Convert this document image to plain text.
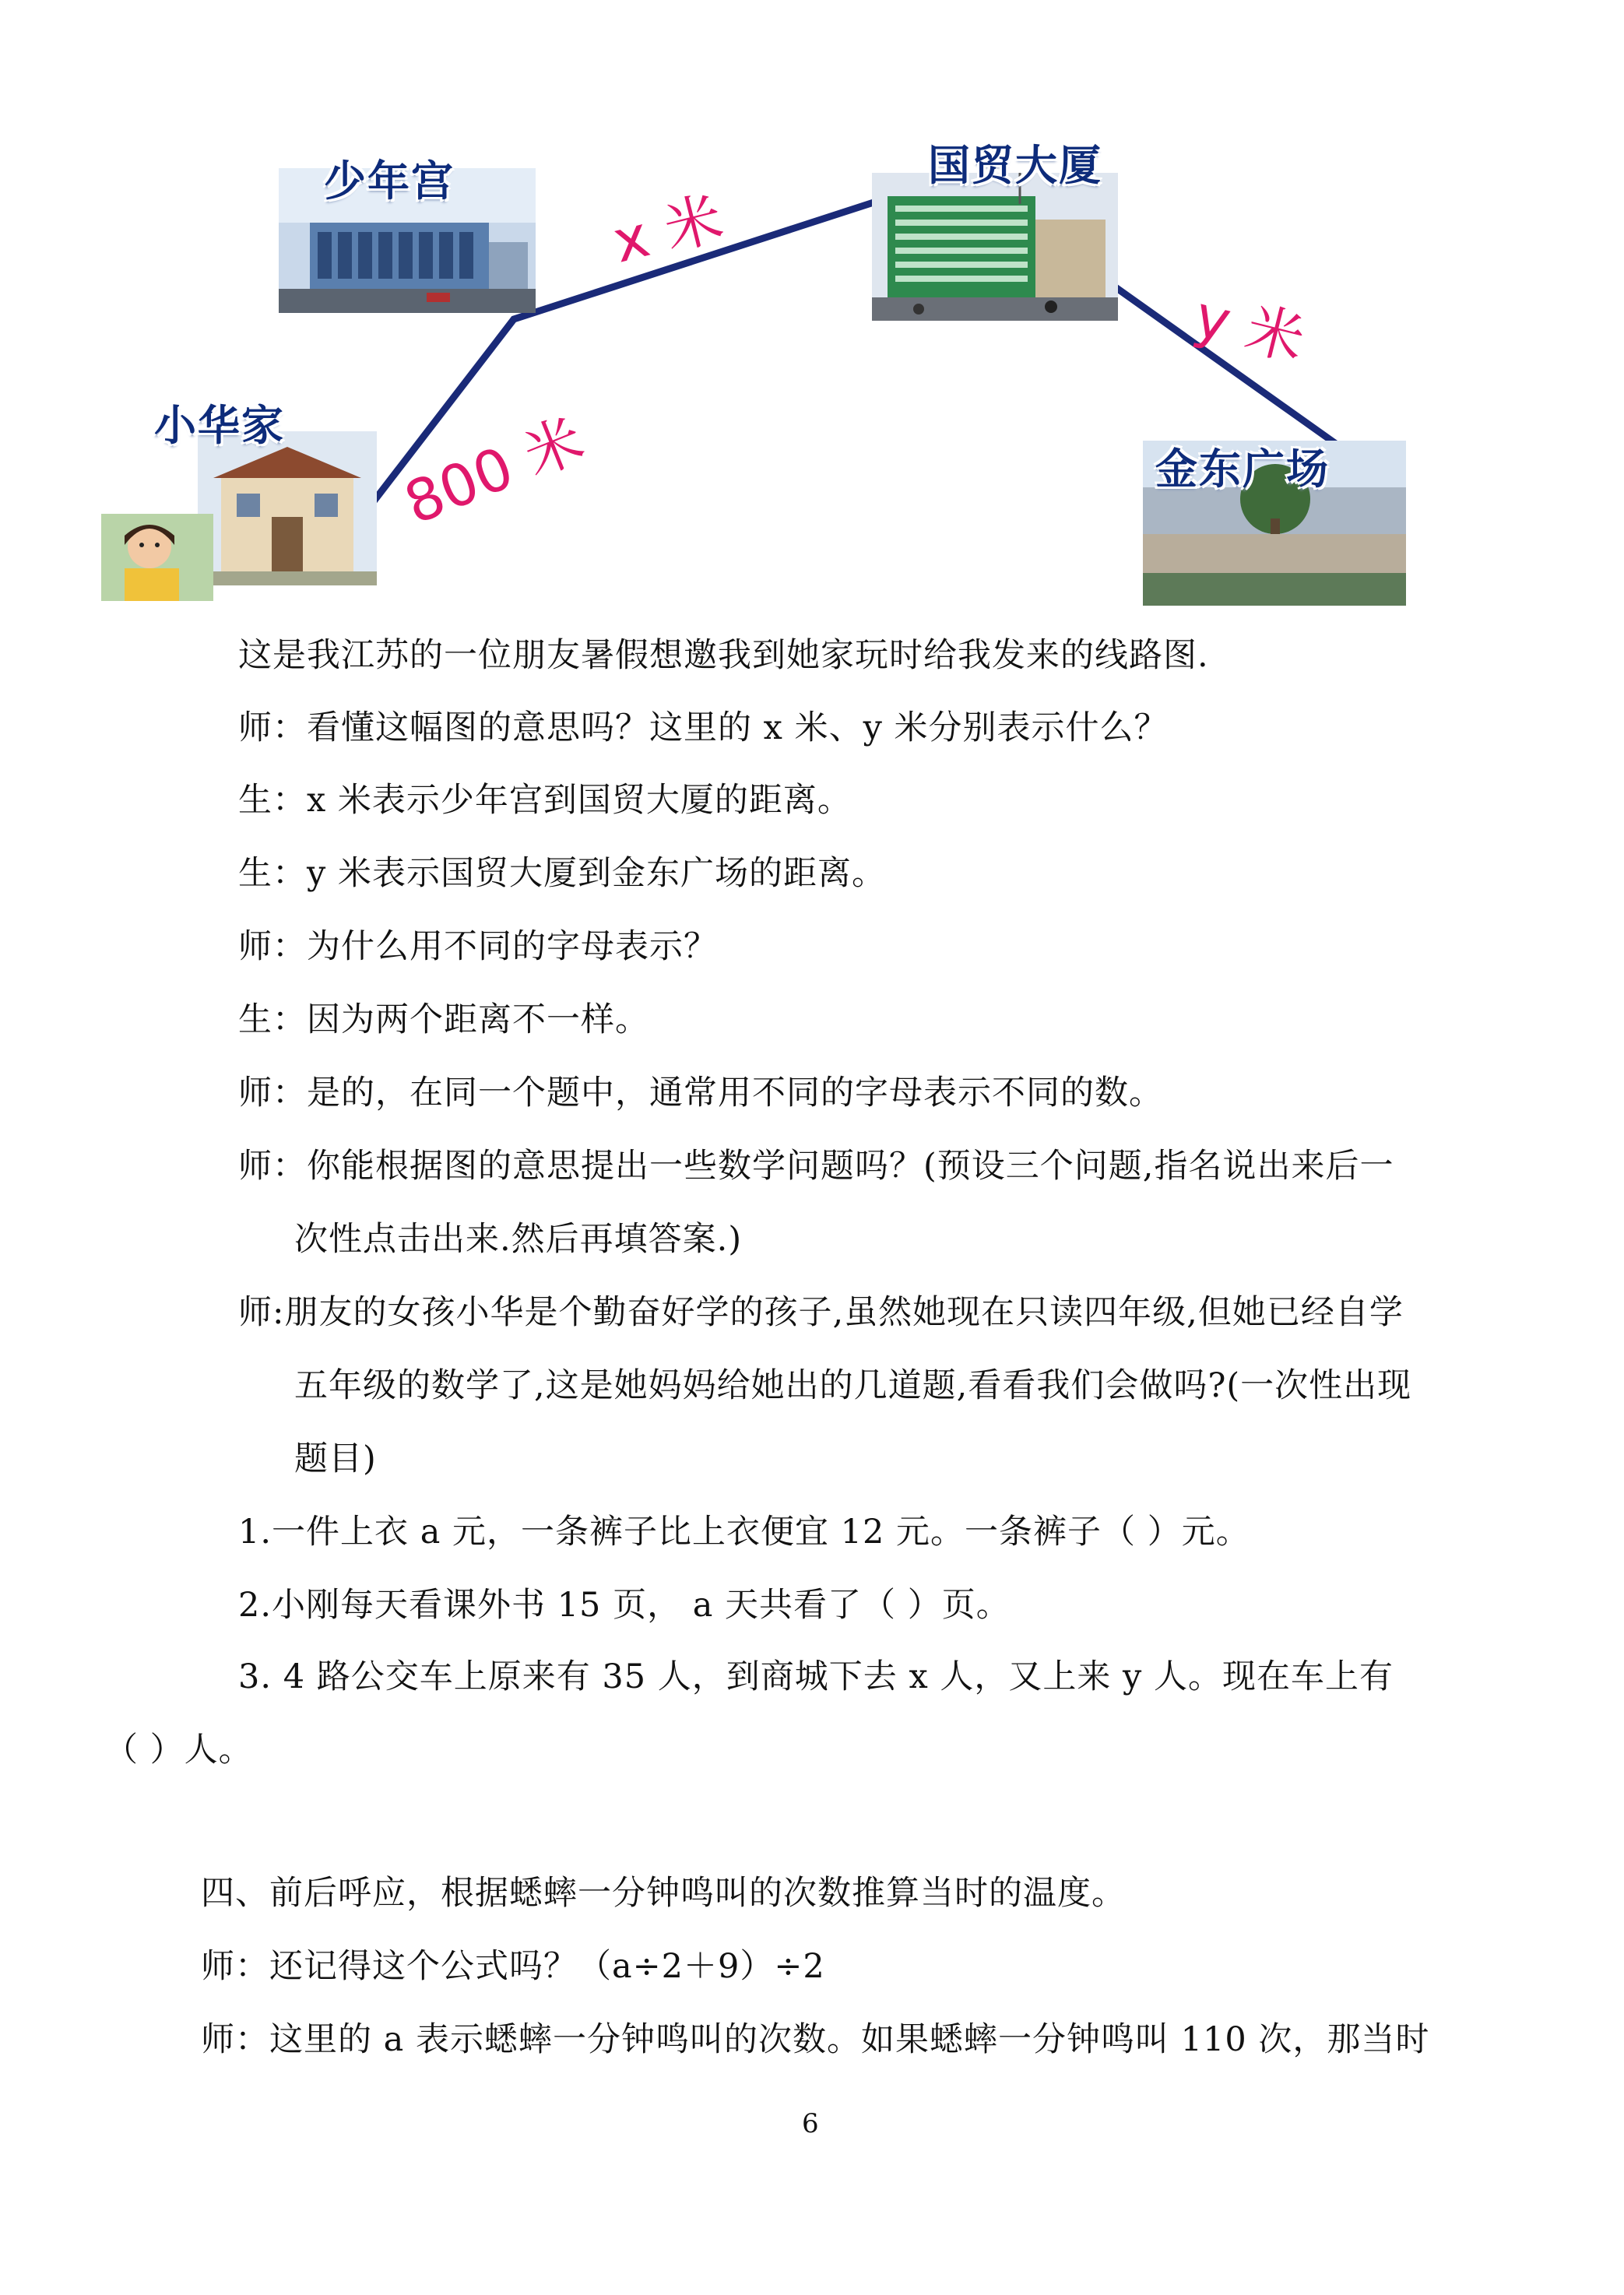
少年宫	国贸大厦
小华家
金东广场
800 米
x 米
y 米
这是我江苏的一位朋友暑假想邀我到她家玩时给我发来的线路图.
师：看懂这幅图的意思吗？这里的 x 米、y 米分别表示什么？
生：x 米表示少年宫到国贸大厦的距离。
生：y 米表示国贸大厦到金东广场的距离。
师：为什么用不同的字母表示？
生：因为两个距离不一样。
师：是的，在同一个题中，通常用不同的字母表示不同的数。
师：你能根据图的意思提出一些数学问题吗？(预设三个问题,指名说出来后一
次性点击出来.然后再填答案.)
师:朋友的女孩小华是个勤奋好学的孩子,虽然她现在只读四年级,但她已经自学
五年级的数学了,这是她妈妈给她出的几道题,看看我们会做吗?(一次性出现
题目)
1.一件上衣 a 元，一条裤子比上衣便宜 12 元。一条裤子（ ）元。
2.小刚每天看课外书 15 页， a 天共看了（ ）页。
3. 4 路公交车上原来有 35 人，到商城下去 x 人，又上来 y 人。现在车上有
（ ）人。
四、前后呼应，根据蟋蟀一分钟鸣叫的次数推算当时的温度。
师：还记得这个公式吗？（a÷2＋9）÷2
师：这里的 a 表示蟋蟀一分钟鸣叫的次数。如果蟋蟀一分钟鸣叫 110 次，那当时
6
